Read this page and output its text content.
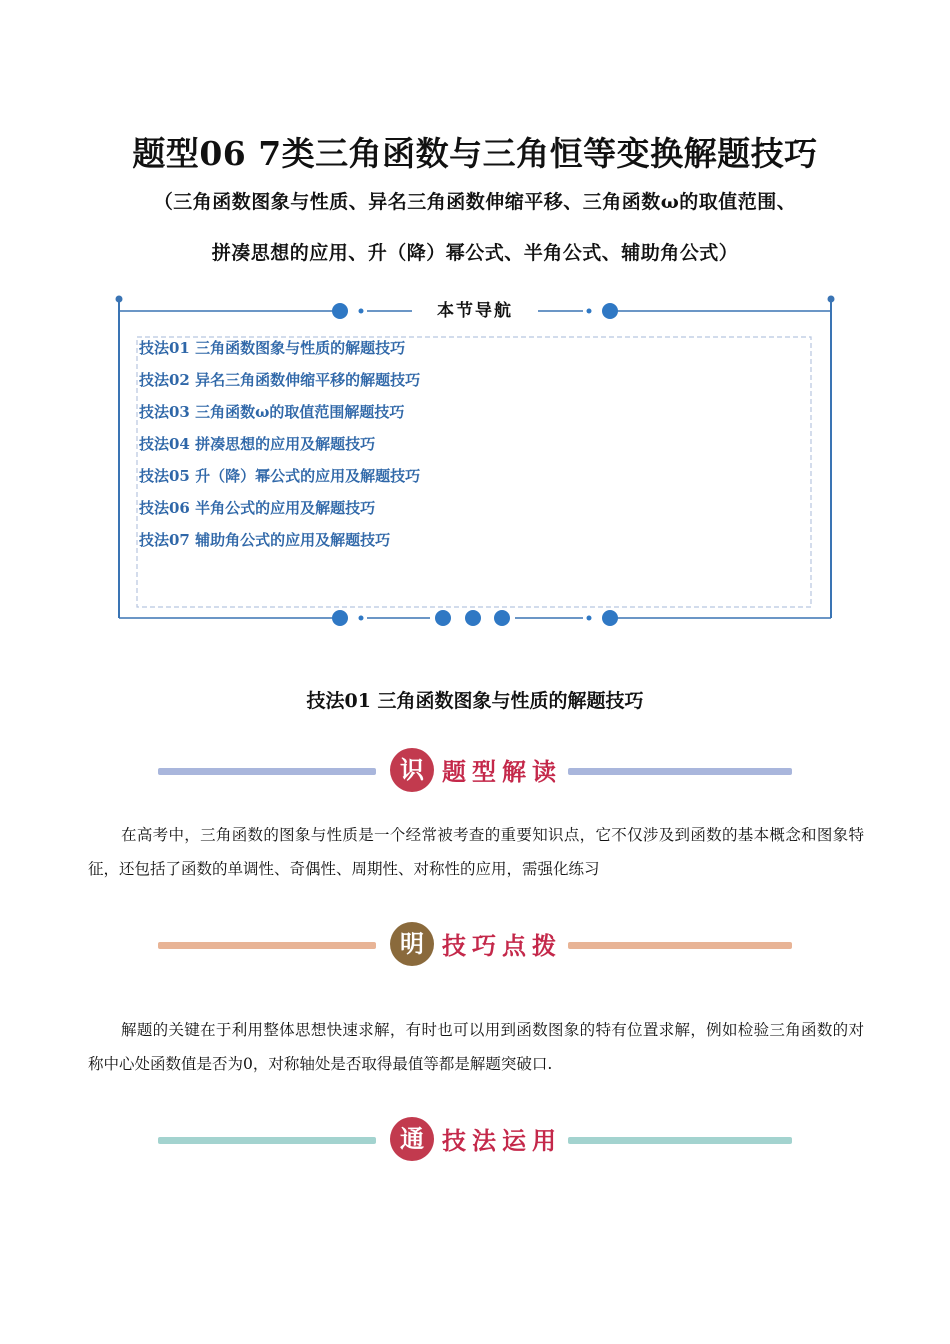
题型06 7类三角函数与三角恒等变换解题技巧
（三角函数图象与性质、异名三角函数伸缩平移、三角函数ω的取值范围、
拼凑思想的应用、升（降）幂公式、半角公式、辅助角公式）
本节导航
技法01 三角函数图象与性质的解题技巧
技法02 异名三角函数伸缩平移的解题技巧
技法03 三角函数ω的取值范围解题技巧
技法04 拼凑思想的应用及解题技巧
技法05 升（降）幂公式的应用及解题技巧
技法06 半角公式的应用及解题技巧
技法07 辅助角公式的应用及解题技巧
技法01 三角函数图象与性质的解题技巧
识 题型解读

在高考中，三角函数的图象与性质是一个经常被考查的重要知识点，它不仅涉及到函数的基本概念和图象特征，还包括了函数的单调性、奇偶性、周期性、对称性的应用，需强化练习

明 技巧点拨

解题的关键在于利用整体思想快速求解，有时也可以用到函数图象的特有位置求解，例如检验三角函数的对称中心处函数值是否为0，对称轴处是否取得最值等都是解题突破口.

通 技法运用
